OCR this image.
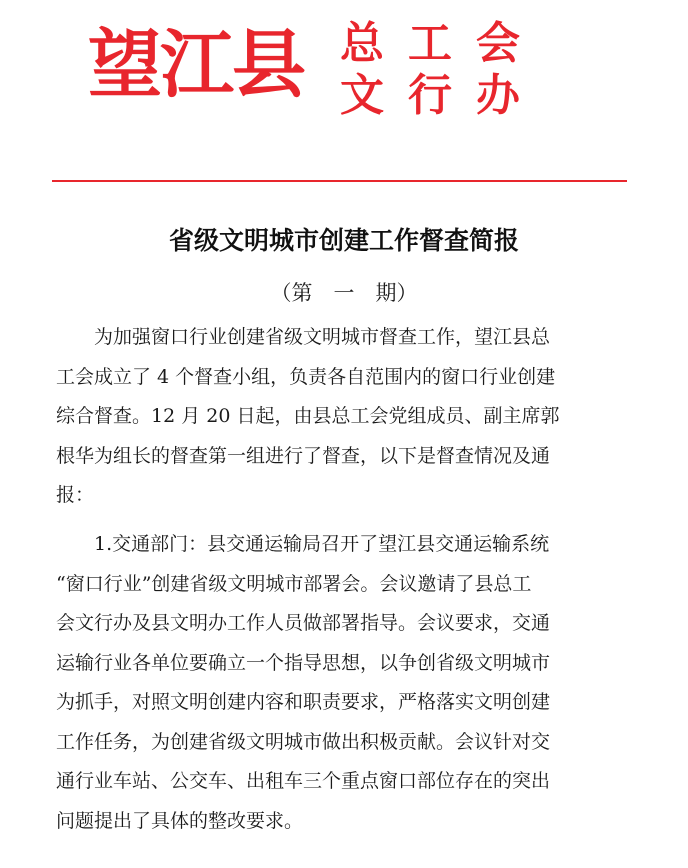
望江县 总工会
文行办
省级文明城市创建工作督查简报
（第　一　期）
为加强窗口行业创建省级文明城市督查工作，望江县总
工会成立了 4 个督查小组，负责各自范围内的窗口行业创建
综合督查。12 月 20 日起，由县总工会党组成员、副主席郭
根华为组长的督查第一组进行了督查，以下是督查情况及通
报：
1.交通部门：县交通运输局召开了望江县交通运输系统
“窗口行业”创建省级文明城市部署会。会议邀请了县总工
会文行办及县文明办工作人员做部署指导。会议要求，交通
运输行业各单位要确立一个指导思想，以争创省级文明城市
为抓手，对照文明创建内容和职责要求，严格落实文明创建
工作任务，为创建省级文明城市做出积极贡献。会议针对交
通行业车站、公交车、出租车三个重点窗口部位存在的突出
问题提出了具体的整改要求。
